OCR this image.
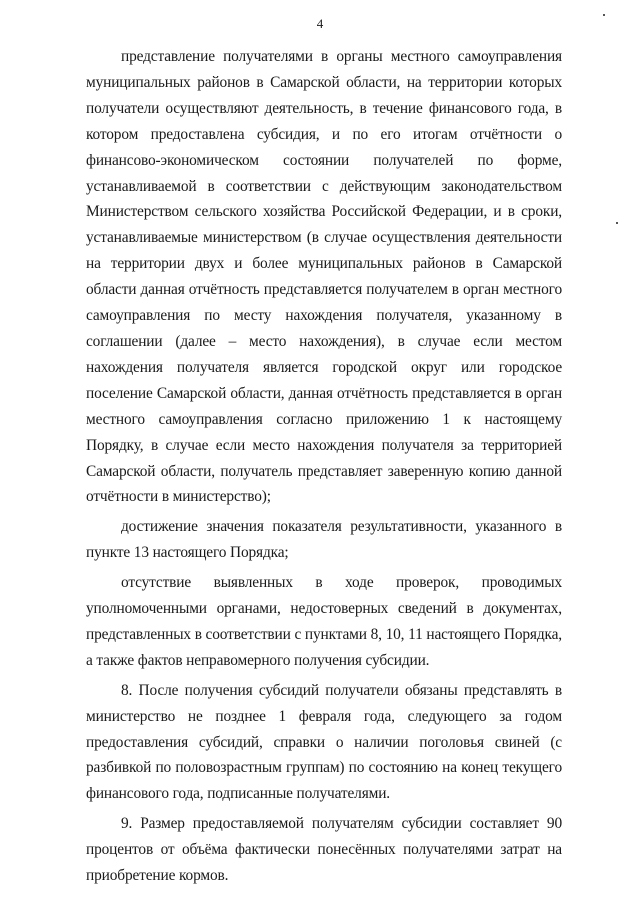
4

представление получателями в органы местного самоуправления муниципальных районов в Самарской области, на территории которых получатели осуществляют деятельность, в течение финансового года, в котором предоставлена субсидия, и по его итогам отчётности о финансово-экономическом состоянии получателей по форме, устанавливаемой в соответствии с действующим законодательством Министерством сельского хозяйства Российской Федерации, и в сроки, устанавливаемые министерством (в случае осуществления деятельности на территории двух и более муниципальных районов в Самарской области данная отчётность представляется получателем в орган местного самоуправления по месту нахождения получателя, указанному в соглашении (далее – место нахождения), в случае если местом нахождения получателя является городской округ или городское поселение Самарской области, данная отчётность представляется в орган местного самоуправления согласно приложению 1 к настоящему Порядку, в случае если место нахождения получателя за территорией Самарской области, получатель представляет заверенную копию данной отчётности в министерство);

достижение значения показателя результативности, указанного в пункте 13 настоящего Порядка;

отсутствие выявленных в ходе проверок, проводимых уполномоченными органами, недостоверных сведений в документах, представленных в соответствии с пунктами 8, 10, 11 настоящего Порядка, а также фактов неправомерного получения субсидии.

8. После получения субсидий получатели обязаны представлять в министерство не позднее 1 февраля года, следующего за годом предоставления субсидий, справки о наличии поголовья свиней (с разбивкой по половозрастным группам) по состоянию на конец текущего финансового года, подписанные получателями.

9. Размер предоставляемой получателям субсидии составляет 90 процентов от объёма фактически понесённых получателями затрат на приобретение кормов.
